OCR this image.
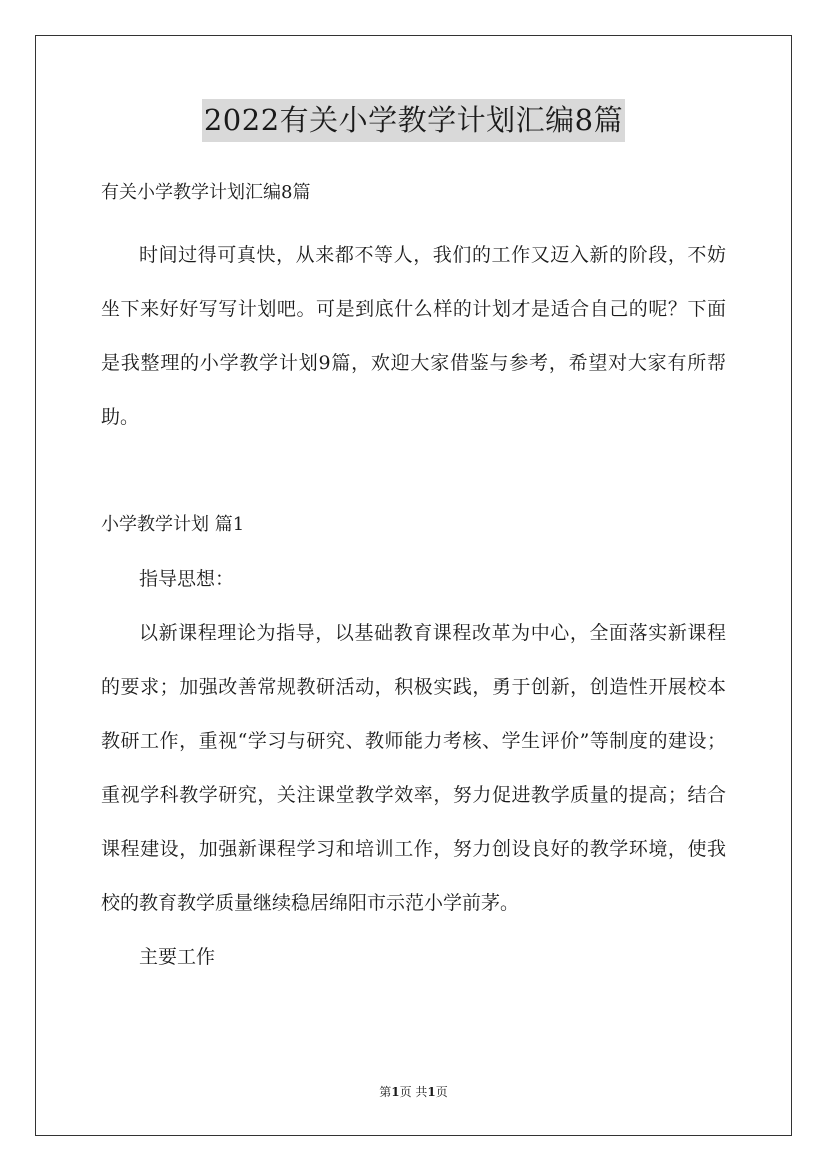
2022有关小学教学计划汇编8篇
有关小学教学计划汇编8篇

时间过得可真快，从来都不等人，我们的工作又迈入新的阶段，不妨坐下来好好写写计划吧。可是到底什么样的计划才是适合自己的呢？下面是我整理的小学教学计划9篇，欢迎大家借鉴与参考，希望对大家有所帮助。

小学教学计划 篇1

指导思想：

以新课程理论为指导，以基础教育课程改革为中心，全面落实新课程的要求；加强改善常规教研活动，积极实践，勇于创新，创造性开展校本教研工作，重视“学习与研究、教师能力考核、学生评价”等制度的建设；重视学科教学研究，关注课堂教学效率，努力促进教学质量的提高；结合课程建设，加强新课程学习和培训工作，努力创设良好的教学环境，使我校的教育教学质量继续稳居绵阳市示范小学前茅。

主要工作

第1页 共1页
